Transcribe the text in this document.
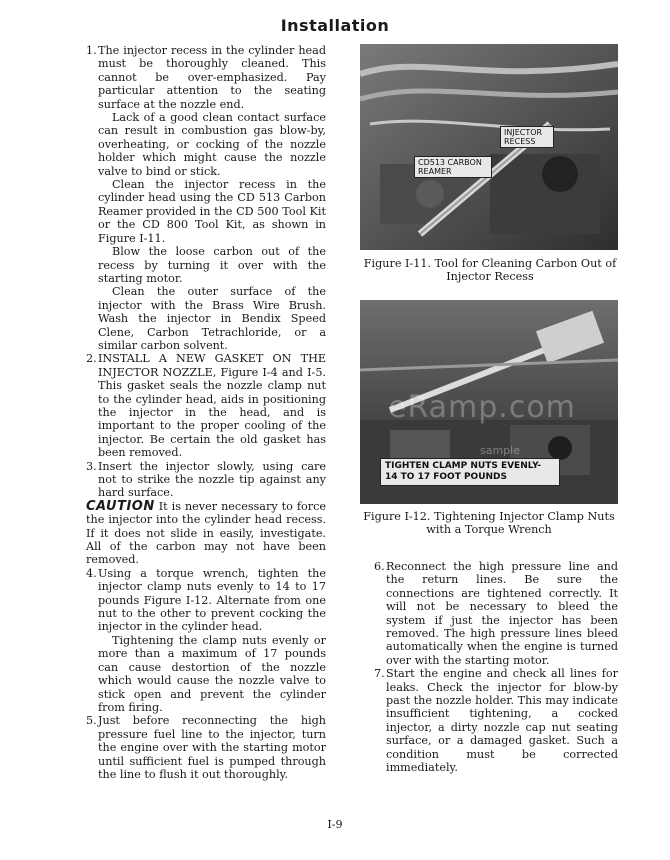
Installation
1. The injector recess in the cylinder head must be thoroughly cleaned. This cannot be over-emphasized. Pay particular attention to the seating surface at the nozzle end.

Lack of a good clean contact surface can result in combustion gas blow-by, overheating, or cocking of the nozzle holder which might cause the nozzle valve to bind or stick.

Clean the injector recess in the cylinder head using the CD 513 Carbon Reamer provided in the CD 500 Tool Kit or the CD 800 Tool Kit, as shown in Figure I-11.

Blow the loose carbon out of the recess by turning it over with the starting motor.

Clean the outer surface of the injector with the Brass Wire Brush. Wash the injector in Bendix Speed Clene, Carbon Tetrachloride, or a similar carbon solvent.

2. INSTALL A NEW GASKET ON THE INJECTOR NOZZLE, Figure I-4 and I-5. This gasket seals the nozzle clamp nut to the cylinder head, aids in positioning the injector in the head, and is important to the proper cooling of the injector. Be certain the old gasket has been removed.

3. Insert the injector slowly, using care not to strike the nozzle tip against any hard surface.

CAUTION It is never necessary to force the injector into the cylinder head recess. If it does not slide in easily, investigate. All of the carbon may not have been removed.

4. Using a torque wrench, tighten the injector clamp nuts evenly to 14 to 17 pounds Figure I-12. Alternate from one nut to the other to prevent cocking the injector in the cylinder head.

Tightening the clamp nuts evenly or more than a maximum of 17 pounds can cause destortion of the nozzle which would cause the nozzle valve to stick open and prevent the cylinder from firing.

5. Just before reconnecting the high pressure fuel line to the injector, turn the engine over with the starting motor until sufficient fuel is pumped through the line to flush it out thoroughly.

INJECTOR RECESS
CD513 CARBON REAMER
Figure I-11. Tool for Cleaning Carbon Out of Injector Recess
TIGHTEN CLAMP NUTS EVENLY- 14 TO 17 FOOT POUNDS
Figure I-12. Tightening Injector Clamp Nuts with a Torque Wrench
eRamp.com
sample
6. Reconnect the high pressure line and the return lines. Be sure the connections are tightened correctly. It will not be necessary to bleed the system if just the injector has been removed. The high pressure lines bleed automatically when the engine is turned over with the starting motor.

7. Start the engine and check all lines for leaks. Check the injector for blow-by past the nozzle holder. This may indicate insufficient tightening, a cocked injector, a dirty nozzle cap nut seating surface, or a damaged gasket. Such a condition must be corrected immediately.

I-9
